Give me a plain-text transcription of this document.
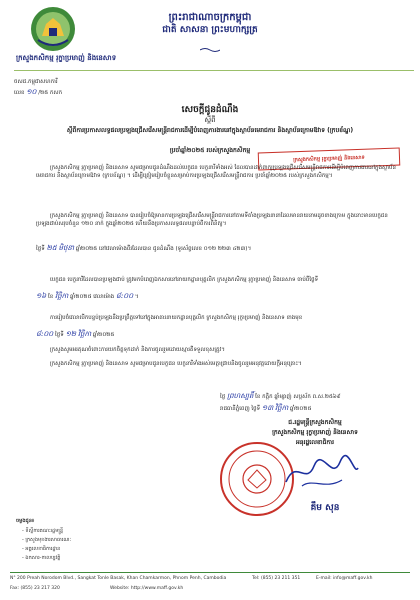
ព្រះរាជាណាចក្រកម្ពុជា
ជាតិ សាសនា ព្រះមហាក្សត្រ
ក្រសួងកសិកម្ម រុក្ខាប្រមាញ់ និងនេសាទ
ចសជ.កម្ពុជាសហការី
លេខ ១០ /២៥ កសក
សេចក្ដីជូនដំណឹង
ស្ដីពី
ស្ដីពីការប្រកាសលទ្ធផលប្រឡងជ្រើសរើសមន្ត្រីរាជការដើម្បីបំពេញការងារនៅក្នុងស្ថាប័នមេរាជការ និងស្ថាប័នក្រោមឱវាទ (ក្របខ័ណ្ឌ)
ប្រចាំឆ្នាំ២០២៥ របស់ក្រសួងកសិកម្ម
ក្រសួងកសិកម្ម រុក្ខាប្រមាញ់ និងនេសាទ
ក្រសួងកសិកម្ម រុក្ខាប្រមាញ់ និងនេសាទ សូមជម្រាបជូនដំណឹងដល់បេក្ខជន បេក្ខនារីទាំងអស់ ដែលបានដាក់ពាក្យប្រឡងជ្រើសរើសមន្ត្រីរាជការដើម្បីបំពេញការងារនៅក្នុងស្ថាប័នមេរាជការ និងស្ថាប័នក្រោមឱវាទ (ក្របខ័ណ្ឌ) ។ ដើម្បីត្រៀមរៀបចំខ្លួនសម្រាប់ការប្រឡងជ្រើសរើសមន្ត្រីរាជការ ប្រចាំឆ្នាំ២០២៥ របស់ក្រសួងកសិកម្ម។
ក្រសួងកសិកម្ម រុក្ខាប្រមាញ់ និងនេសាទ បានរៀបចំឱ្យមានការប្រឡងជ្រើសរើសមន្ត្រីរាជការនៅតាមទីតាំងប្រឡងនានាដែលមានរាយនាមដូចខាងក្រោម ក្នុងនោះមានបេក្ខជនប្រឡងជាប់សរុបចំនួន ១២០ នាក់ ក្នុងឆ្នាំ២០២៥ ហើយនឹងប្រកាសលទ្ធផលបន្ទាប់ពីការពិនិត្យ។
ថ្ងៃទី ២៥ មិថុនា ឆ្នាំ២០២៥ នៅវេលាម៉ោងពីរដែលបាន ជូនដំណឹង (ទូរស័ព្ទលេខ ០១២ ២២៣ ៤២៣)។
បេក្ខជន បេក្ខនារីដែលបានប្រឡងជាប់ ត្រូវមកបំពេញឯកសារនៅនាយកដ្ឋានបុគ្គលិក ក្រសួងកសិកម្ម រុក្ខាប្រមាញ់ និងនេសាទ ចាប់ពីថ្ងៃទី
១៦ ខែ វិច្ឆិកា ឆ្នាំ២០២៥ វេលាម៉ោង ៨:០០ ។
ការរៀបចំវេលាបើកបន្ទប់ប្រឡងនឹងប្រព្រឹត្តទៅនៅក្នុងអាគារនាយកដ្ឋានបុគ្គលិក ក្រសួងកសិកម្ម រុក្ខាប្រមាញ់ និងនេសាទ ខាងមុខ
៨:០០ ថ្ងៃទី ១២ វិច្ឆិកា ឆ្នាំ២០២៥
ក្រសួងសូមអរគុណចំពោះការយកចិត្តទុកដាក់ និងការចូលរួមដោយស្មារតីទទួលខុសត្រូវ។
ក្រសួងកសិកម្ម រុក្ខាប្រមាញ់ និងនេសាទ សូមជម្រាបជូនបេក្ខជន បេក្ខនារីទាំងអស់មេត្តាជ្រាបនិងចូលរួមអនុវត្តដោយក្ដីអនុគ្រោះ។
ថ្ងៃ ព្រហស្បតិ៍ ខែ កត្ដិក ឆ្នាំម្សាញ់ សប្តស័ក ព.ស.២៥៦៩
រាជធានីភ្នំពេញ ថ្ងៃទី ១៣ វិច្ឆិកា ឆ្នាំ២០២៥
ជ.រដ្ឋមន្ត្រីក្រសួងកសិកម្ម
ក្រសួងកសិកម្ម រុក្ខាប្រមាញ់ និងនេសាទ
អនុរដ្ឋលេខាធិការ
គឹម សុន
ចម្លងជូន៖
- ទីស្ដីការគណៈរដ្ឋមន្ត្រី
- ក្រសួងមុខងារសាធារណៈ
- អគ្គលេខាធិការដ្ឋាន
- ឯកសារ-កាលប្បវត្តិ
N° 200 Preah Norodom Blvd., Sangkat Tonle Basak, Khan Chamkarmon, Phnom Penh, Cambodia	Tel: (855) 23 211 351	E-mail: info@maff.gov.kh
Fax: (855) 23 217 320	Website: http://www.maff.gov.kh
